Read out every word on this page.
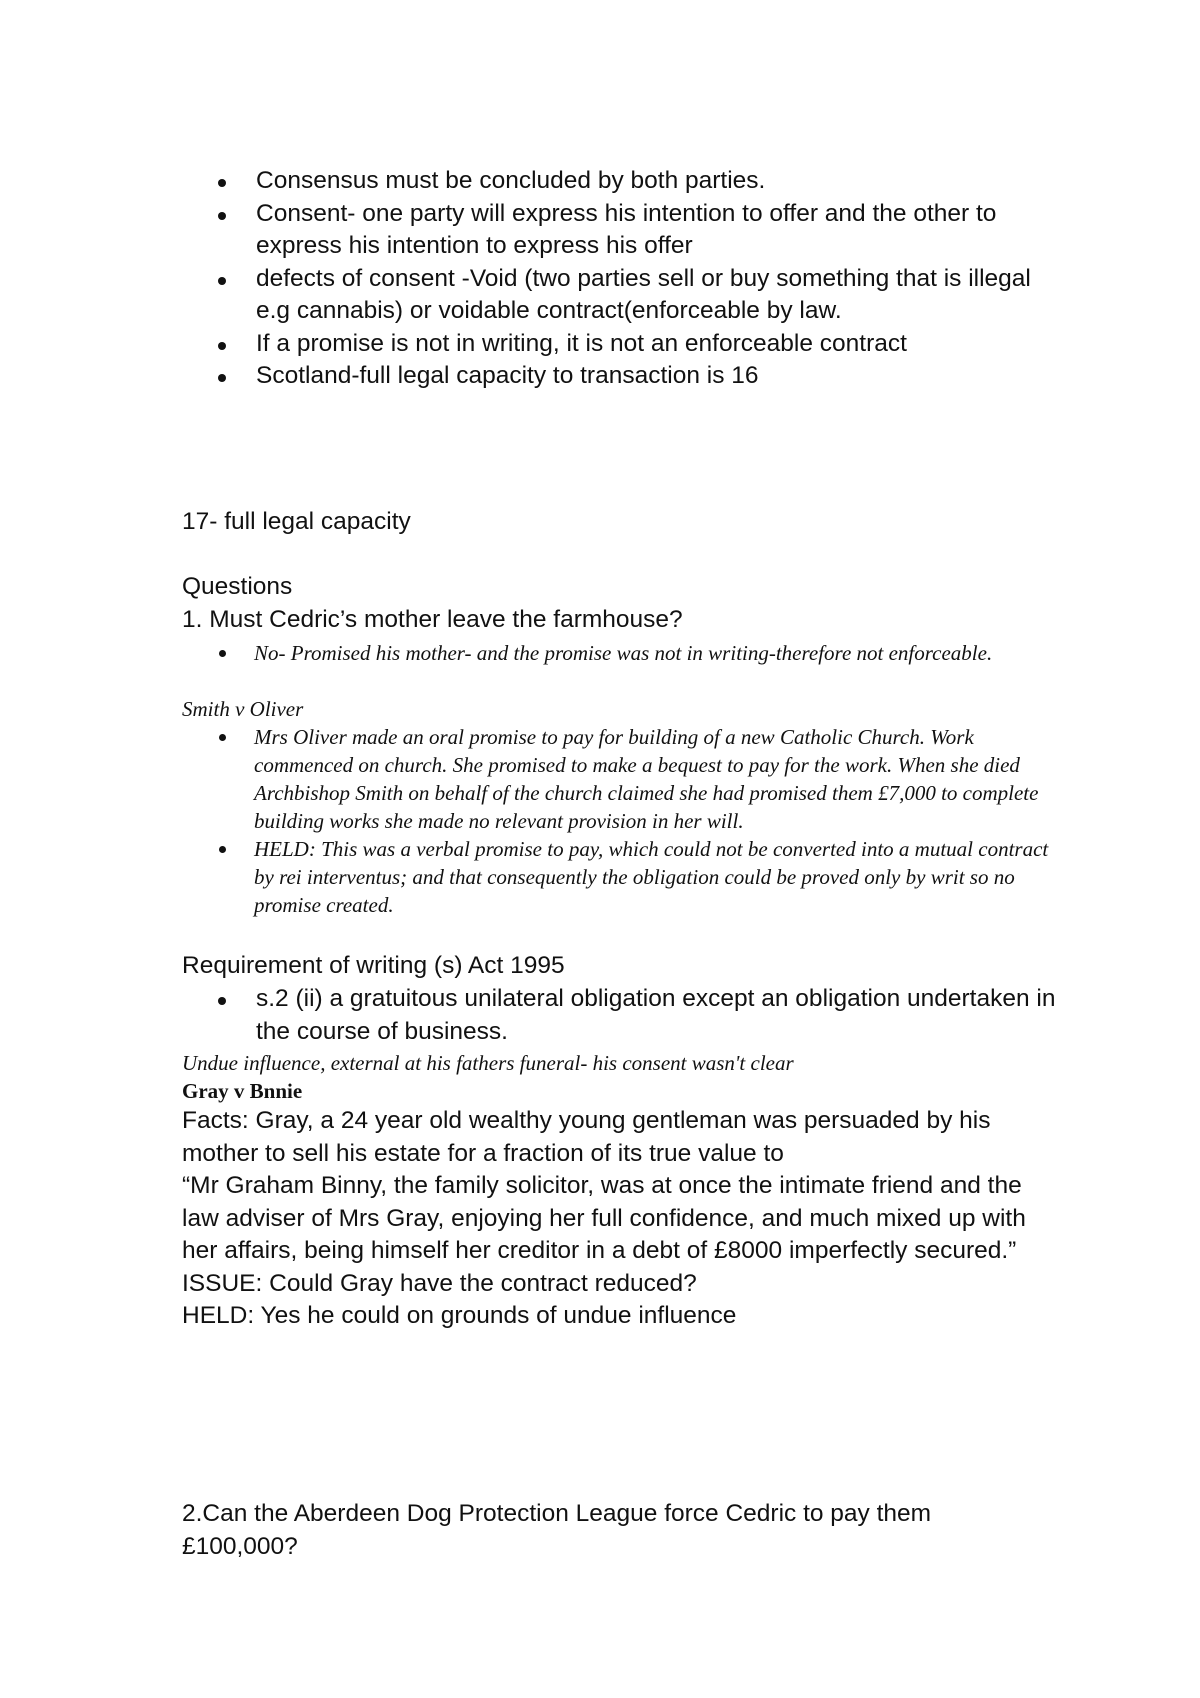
Consensus must be concluded by both parties.
Consent- one party will express his intention to offer and the other to express his intention to express his offer
defects of consent -Void (two parties sell or buy something that is illegal e.g cannabis) or voidable contract(enforceable by law.
If a promise is not in writing, it is not an enforceable contract
Scotland-full legal capacity to transaction is 16

17- full legal capacity

Questions

1. Must Cedric’s mother leave the farmhouse?

No- Promised his mother- and the promise was not in writing-therefore not enforceable.

Smith v Oliver

Mrs Oliver made an oral promise to pay for building of a new Catholic Church. Work commenced on church. She promised to make a bequest to pay for the work. When she died Archbishop Smith on behalf of the church claimed she had promised them £7,000 to complete building works she made no relevant provision in her will.
HELD: This was a verbal promise to pay, which could not be converted into a mutual contract by rei interventus; and that consequently the obligation could be proved only by writ so no promise created.

Requirement of writing (s) Act 1995

s.2 (ii) a gratuitous unilateral obligation except an obligation undertaken in the course of business.

Undue influence, external at his fathers funeral- his consent wasn't clear

Gray v Bnnie

Facts: Gray, a 24 year old wealthy young gentleman was persuaded by his mother to sell his estate for a fraction of its true value to

“Mr Graham Binny, the family solicitor, was at once the intimate friend and the law adviser of Mrs Gray, enjoying her full confidence, and much mixed up with her affairs, being himself her creditor in a debt of £8000 imperfectly secured.”

ISSUE: Could Gray have the contract reduced?

HELD: Yes he could on grounds of undue influence

2.Can the Aberdeen Dog Protection League force Cedric to pay them £100,000?
